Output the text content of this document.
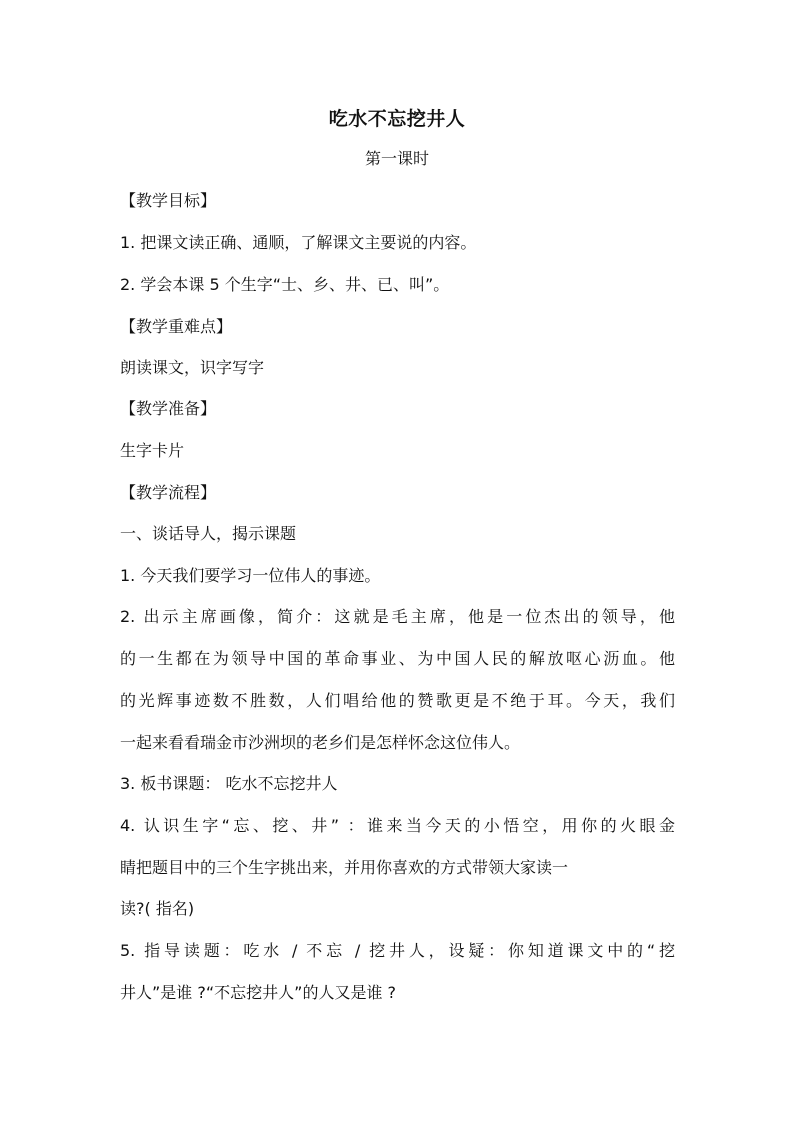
吃水不忘挖井人
第一课时
【教学目标】
1. 把课文读正确、通顺，了解课文主要说的内容。
2. 学会本课 5 个生字“士、乡、井、已、叫”。
【教学重难点】
朗读课文，识字写字
【教学准备】
生字卡片
【教学流程】
一、谈话导人，揭示课题
1. 今天我们要学习一位伟人的事迹。
2. 出示主席画像，简介：这就是毛主席，他是一位杰出的领导，他
的一生都在为领导中国的革命事业、为中国人民的解放呕心沥血。他
的光辉事迹数不胜数，人们唱给他的赞歌更是不绝于耳。今天，我们
一起来看看瑞金市沙洲坝的老乡们是怎样怀念这位伟人。
3. 板书课题： 吃水不忘挖井人
4. 认识生字“忘、挖、井” ：谁来当今天的小悟空，用你的火眼金
睛把题目中的三个生字挑出来，并用你喜欢的方式带领大家读一
读?( 指名)
5. 指导读题：吃水 / 不忘 / 挖井人，设疑：你知道课文中的“挖
井人”是谁 ?“不忘挖井人”的人又是谁 ?
